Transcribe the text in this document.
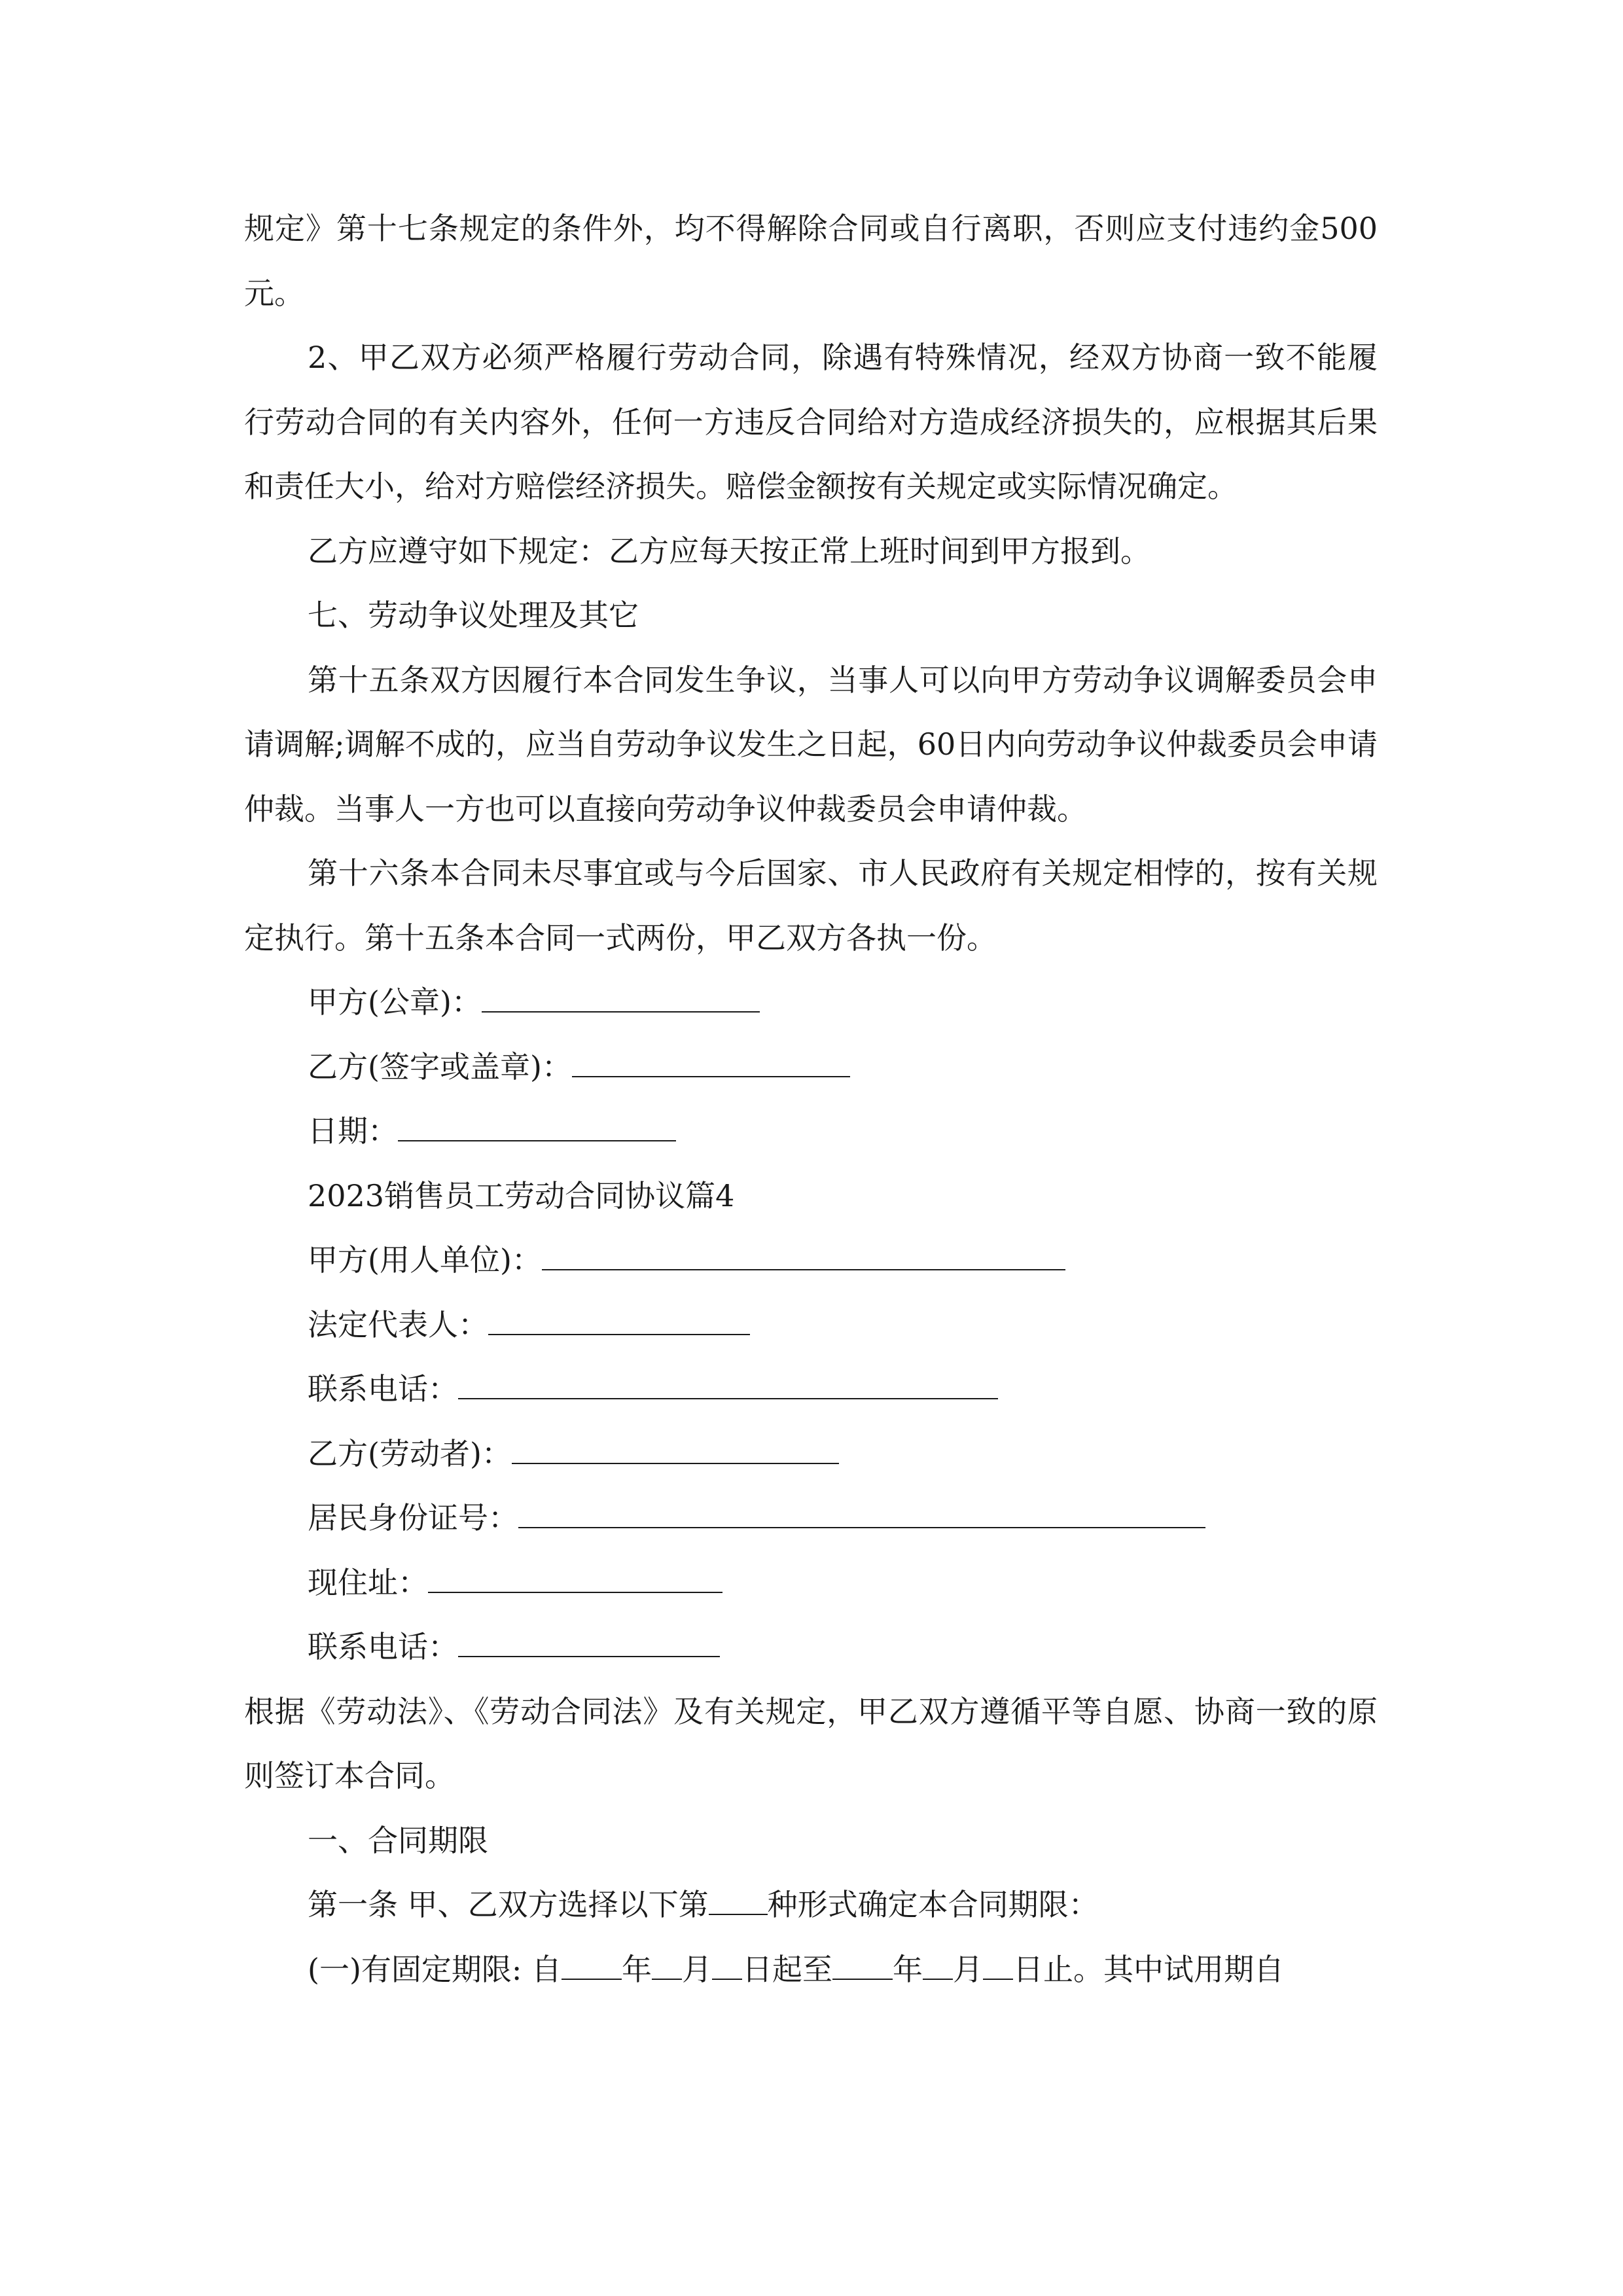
规定》第十七条规定的条件外，均不得解除合同或自行离职，否则应支付违约金500元。

2、甲乙双方必须严格履行劳动合同，除遇有特殊情况，经双方协商一致不能履行劳动合同的有关内容外，任何一方违反合同给对方造成经济损失的，应根据其后果和责任大小，给对方赔偿经济损失。赔偿金额按有关规定或实际情况确定。

乙方应遵守如下规定：乙方应每天按正常上班时间到甲方报到。

七、劳动争议处理及其它

第十五条双方因履行本合同发生争议，当事人可以向甲方劳动争议调解委员会申请调解;调解不成的，应当自劳动争议发生之日起，60日内向劳动争议仲裁委员会申请仲裁。当事人一方也可以直接向劳动争议仲裁委员会申请仲裁。

第十六条本合同未尽事宜或与今后国家、市人民政府有关规定相悖的，按有关规定执行。第十五条本合同一式两份，甲乙双方各执一份。

甲方(公章)：

乙方(签字或盖章)：

日期：

2023销售员工劳动合同协议篇4

甲方(用人单位)：

法定代表人：

联系电话：

乙方(劳动者)：

居民身份证号：

现住址：

联系电话：

根据《劳动法》、《劳动合同法》及有关规定，甲乙双方遵循平等自愿、协商一致的原则签订本合同。

一、合同期限

第一条 甲、乙双方选择以下第 种形式确定本合同期限：

(一)有固定期限: 自 年 月 日起至 年 月 日止。其中试用期自
